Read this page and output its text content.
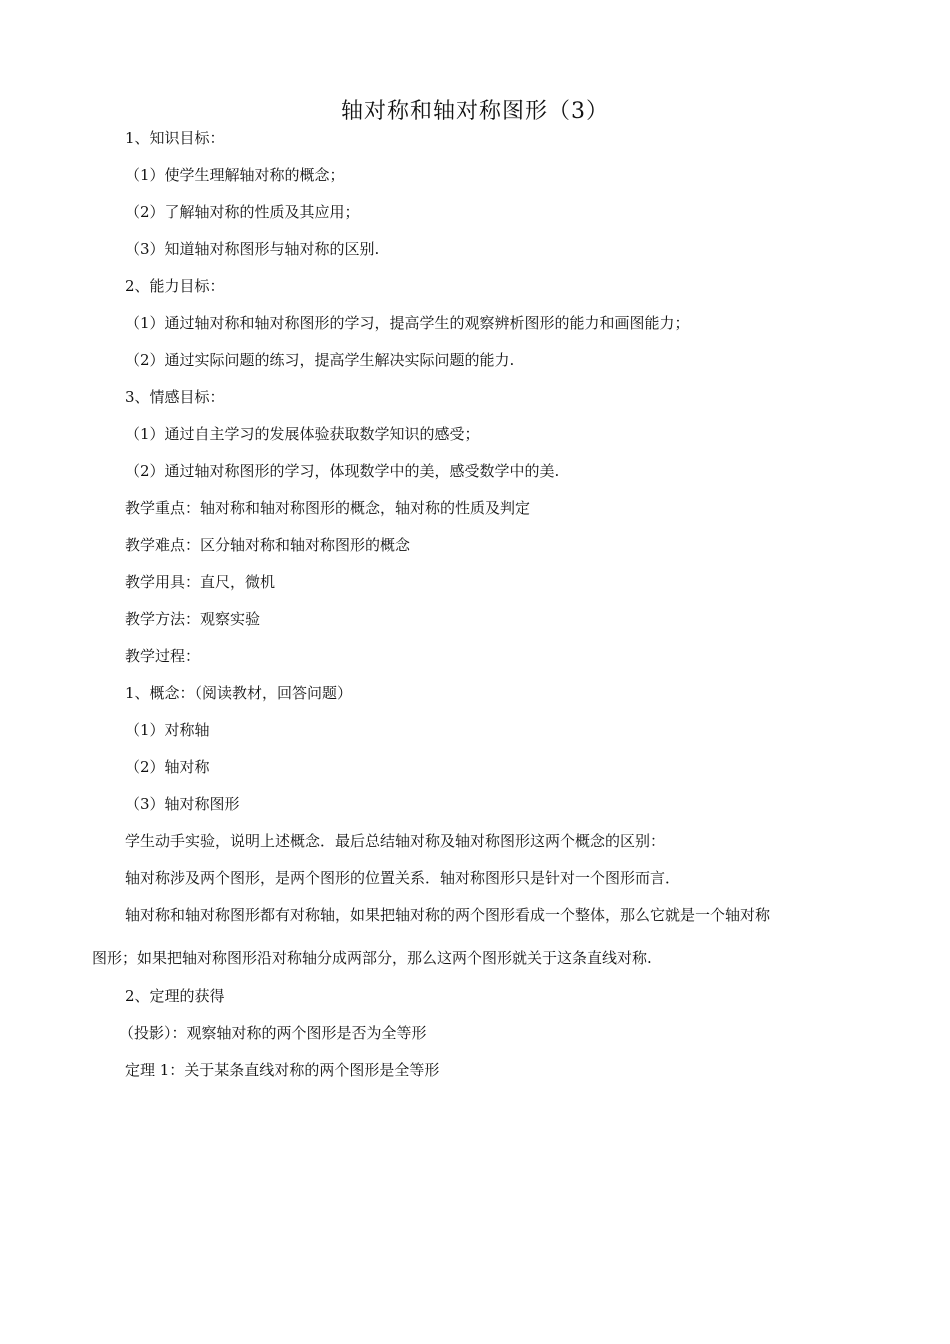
轴对称和轴对称图形（3）
1、知识目标：
（1）使学生理解轴对称的概念；
（2）了解轴对称的性质及其应用；
（3）知道轴对称图形与轴对称的区别.
2、能力目标：
（1）通过轴对称和轴对称图形的学习，提高学生的观察辨析图形的能力和画图能力；
（2）通过实际问题的练习，提高学生解决实际问题的能力.
3、情感目标：
（1）通过自主学习的发展体验获取数学知识的感受；
（2）通过轴对称图形的学习，体现数学中的美，感受数学中的美.
教学重点：轴对称和轴对称图形的概念，轴对称的性质及判定
教学难点：区分轴对称和轴对称图形的概念
教学用具：直尺，微机
教学方法：观察实验
教学过程：
1、概念：（阅读教材，回答问题）
（1）对称轴
（2）轴对称
（3）轴对称图形
学生动手实验，说明上述概念．最后总结轴对称及轴对称图形这两个概念的区别：
轴对称涉及两个图形，是两个图形的位置关系．轴对称图形只是针对一个图形而言．
轴对称和轴对称图形都有对称轴，如果把轴对称的两个图形看成一个整体，那么它就是一个轴对称
图形；如果把轴对称图形沿对称轴分成两部分，那么这两个图形就关于这条直线对称.
2、定理的获得
（投影）：观察轴对称的两个图形是否为全等形
定理 1：关于某条直线对称的两个图形是全等形
